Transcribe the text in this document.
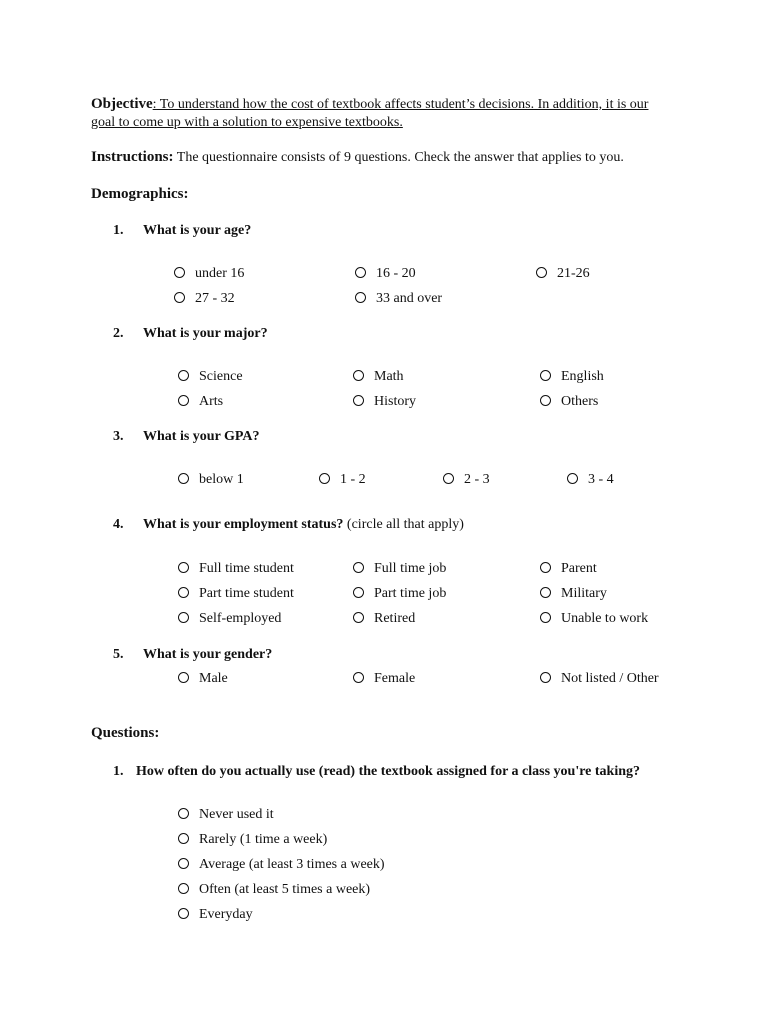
Objective: To understand how the cost of textbook affects student’s decisions. In addition, it is our goal to come up with a solution to expensive textbooks.
Instructions: The questionnaire consists of 9 questions. Check the answer that applies to you.
Demographics:
1. What is your age?
under 16	16 - 20	21-26
27 - 32	33 and over
2. What is your major?
Science	Math	English
Arts	History	Others
3. What is your GPA?
below 1	1 - 2	2 - 3	3 - 4
4. What is your employment status? (circle all that apply)
Full time student	Full time job	Parent
Part time student	Part time job	Military
Self-employed	Retired	Unable to work
5. What is your gender?
Male	Female	Not listed / Other
Questions:
1. How often do you actually use (read) the textbook assigned for a class you're taking?
Never used it
Rarely (1 time a week)
Average (at least 3 times a week)
Often (at least 5 times a week)
Everyday
